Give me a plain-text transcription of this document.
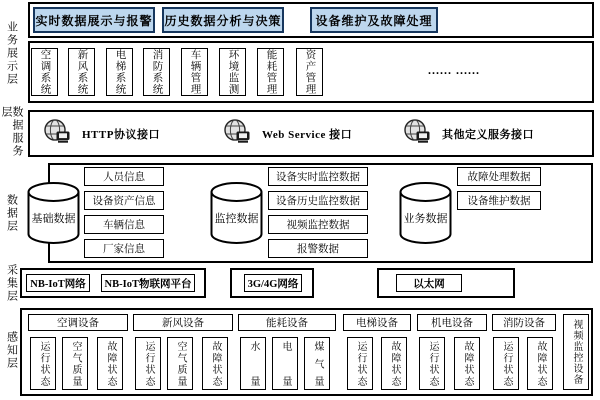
业务展示层
数据服务层
数据层
采集层
感知层
实时数据展示与报警 历史数据分析与决策	设备维护及故障处理
空调系统 新风系统	电梯系统 消防系统	车辆管理	环境监测	能耗管理	资产管理	...... ......
HTTP协议接口	Web Service 接口	其他定义服务接口
基础数据
人员信息
设备资产信息
车辆信息
厂家信息
监控数据
设备实时监控数据
设备历史监控数据
视频监控数据
报警数据
业务数据
故障处理数据
设备维护数据
NB-IoT网络	NB-IoT物联网平台	3G/4G网络	以太网
空调设备
运行状态 空气质量 故障状态
新风设备
运行状态 空气质量 故障状态
能耗设备
水量 电量 煤气量
电梯设备
运行状态 故障状态
机电设备
运行状态 故障状态
消防设备
运行状态 故障状态	视频监控设备
